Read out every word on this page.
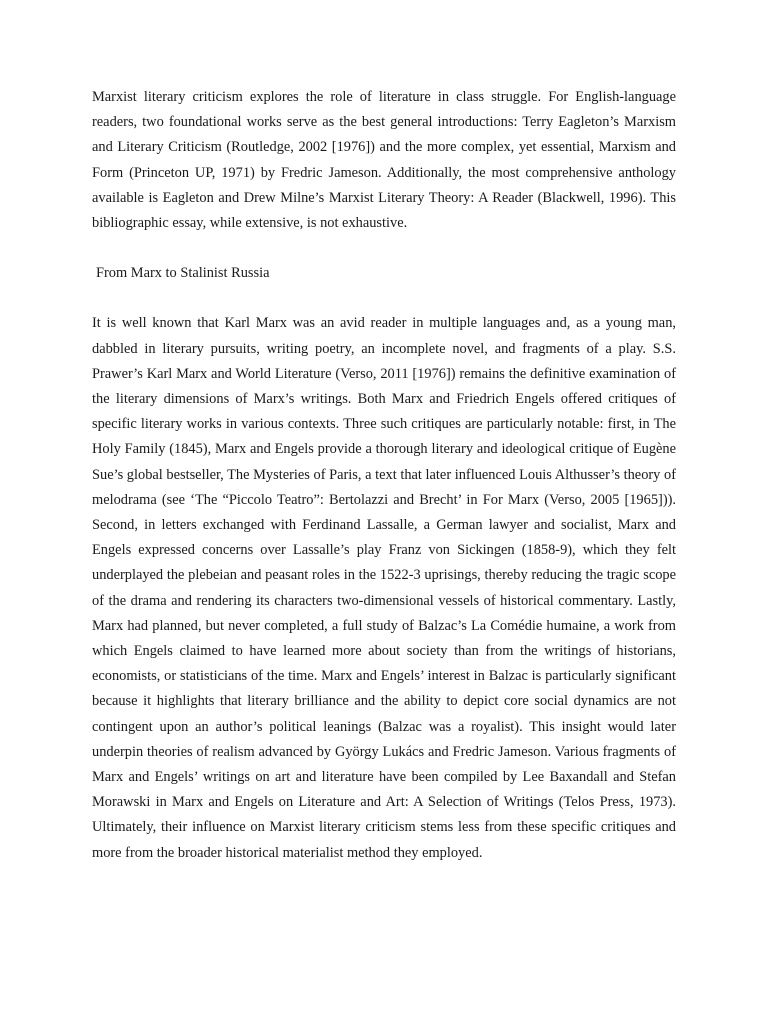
Marxist literary criticism explores the role of literature in class struggle. For English-language readers, two foundational works serve as the best general introductions: Terry Eagleton’s Marxism and Literary Criticism (Routledge, 2002 [1976]) and the more complex, yet essential, Marxism and Form (Princeton UP, 1971) by Fredric Jameson. Additionally, the most comprehensive anthology available is Eagleton and Drew Milne’s Marxist Literary Theory: A Reader (Blackwell, 1996). This bibliographic essay, while extensive, is not exhaustive.

From Marx to Stalinist Russia

It is well known that Karl Marx was an avid reader in multiple languages and, as a young man, dabbled in literary pursuits, writing poetry, an incomplete novel, and fragments of a play. S.S. Prawer’s Karl Marx and World Literature (Verso, 2011 [1976]) remains the definitive examination of the literary dimensions of Marx’s writings. Both Marx and Friedrich Engels offered critiques of specific literary works in various contexts. Three such critiques are particularly notable: first, in The Holy Family (1845), Marx and Engels provide a thorough literary and ideological critique of Eugène Sue’s global bestseller, The Mysteries of Paris, a text that later influenced Louis Althusser’s theory of melodrama (see ‘The “Piccolo Teatro”: Bertolazzi and Brecht’ in For Marx (Verso, 2005 [1965])). Second, in letters exchanged with Ferdinand Lassalle, a German lawyer and socialist, Marx and Engels expressed concerns over Lassalle’s play Franz von Sickingen (1858-9), which they felt underplayed the plebeian and peasant roles in the 1522-3 uprisings, thereby reducing the tragic scope of the drama and rendering its characters two-dimensional vessels of historical commentary. Lastly, Marx had planned, but never completed, a full study of Balzac’s La Comédie humaine, a work from which Engels claimed to have learned more about society than from the writings of historians, economists, or statisticians of the time. Marx and Engels’ interest in Balzac is particularly significant because it highlights that literary brilliance and the ability to depict core social dynamics are not contingent upon an author’s political leanings (Balzac was a royalist). This insight would later underpin theories of realism advanced by György Lukács and Fredric Jameson. Various fragments of Marx and Engels’ writings on art and literature have been compiled by Lee Baxandall and Stefan Morawski in Marx and Engels on Literature and Art: A Selection of Writings (Telos Press, 1973). Ultimately, their influence on Marxist literary criticism stems less from these specific critiques and more from the broader historical materialist method they employed.
